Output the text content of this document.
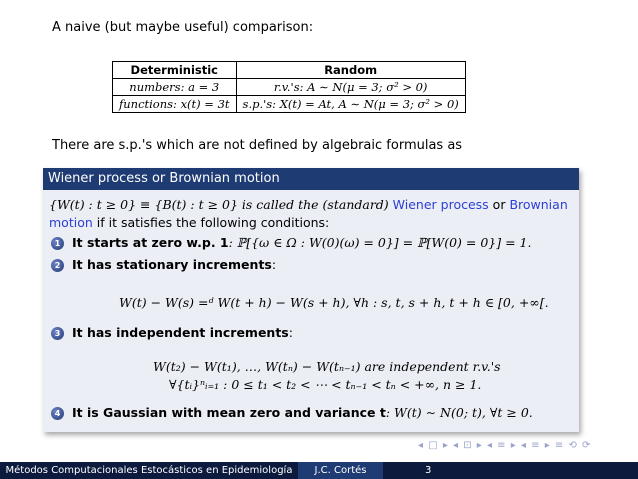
A naive (but maybe useful) comparison:
Deterministic	Random
numbers: a = 3	r.v.'s: A ∼ N(μ = 3; σ² > 0)
functions: x(t) = 3t	s.p.'s: X(t) = At, A ∼ N(μ = 3; σ² > 0)
There are s.p.'s which are not defined by algebraic formulas as
Wiener process or Brownian motion
{W(t) : t ≥ 0} ≡ {B(t) : t ≥ 0} is called the (standard) Wiener process or Brownian
motion if it satisfies the following conditions:
1 It starts at zero w.p. 1: ℙ[{ω ∈ Ω : W(0)(ω) = 0}] = ℙ[W(0) = 0}] = 1.
2 It has stationary increments:
W(t) − W(s) =ᵈ W(t + h) − W(s + h), ∀h : s, t, s + h, t + h ∈ [0, +∞[.
3 It has independent increments:
W(t₂) − W(t₁), …, W(tₙ) − W(tₙ₋₁) are independent r.v.'s
∀{tᵢ}ⁿᵢ₌₁ : 0 ≤ t₁ < t₂ < ⋯ < tₙ₋₁ < tₙ < +∞, n ≥ 1.
4 It is Gaussian with mean zero and variance t: W(t) ∼ N(0; t), ∀t ≥ 0.
◂ □ ▸ ◂ ⊡ ▸ ◂ ≡ ▸ ◂ ≡ ▸ ≡ ⟲ ⟳
Métodos Computacionales Estocásticos en Epidemiología	J.C. Cortés	3
